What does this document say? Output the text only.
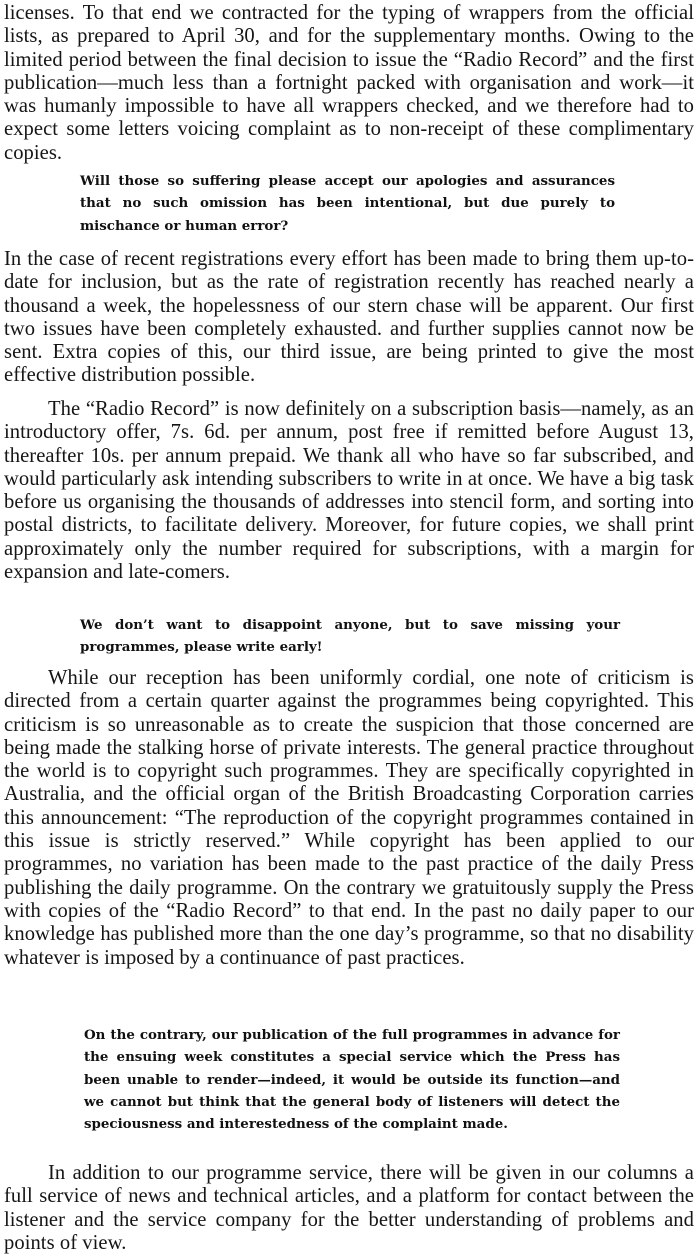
licenses. To that end we contracted for the typing of wrappers from the official lists, as prepared to April 30, and for the supplementary months. Owing to the limited period between the final decision to issue the “Radio Record” and the first publication—much less than a fortnight packed with organisation and work—it was humanly impossible to have all wrappers checked, and we therefore had to expect some letters voicing complaint as to non-receipt of these complimentary copies.

Will those so suffering please accept our apologies and assurances that no such omission has been intentional, but due purely to mischance or human error?

In the case of recent registrations every effort has been made to bring them up-to-date for inclusion, but as the rate of registration recently has reached nearly a thousand a week, the hopelessness of our stern chase will be apparent. Our first two issues have been completely exhausted. and further supplies cannot now be sent. Extra copies of this, our third issue, are being printed to give the most effective distribution possible.

The “Radio Record” is now definitely on a subscription basis—namely, as an introductory offer, 7s. 6d. per annum, post free if remitted before August 13, thereafter 10s. per annum prepaid. We thank all who have so far subscribed, and would particularly ask intending subscribers to write in at once. We have a big task before us organising the thousands of addresses into stencil form, and sorting into postal districts, to facilitate delivery. Moreover, for future copies, we shall print approximately only the number required for subscriptions, with a margin for expansion and late-comers.

We don’t want to disappoint anyone, but to save missing your programmes, please write early!

While our reception has been uniformly cordial, one note of criticism is directed from a certain quarter against the programmes being copyrighted. This criticism is so unreasonable as to create the suspicion that those concerned are being made the stalking horse of private interests. The general practice throughout the world is to copyright such programmes. They are specifically copyrighted in Australia, and the official organ of the British Broadcasting Corporation carries this announcement: “The reproduction of the copyright programmes contained in this issue is strictly reserved.” While copyright has been applied to our programmes, no variation has been made to the past practice of the daily Press publishing the daily programme. On the contrary we gratuitously supply the Press with copies of the “Radio Record” to that end. In the past no daily paper to our knowledge has published more than the one day’s programme, so that no disability whatever is imposed by a continuance of past practices.

On the contrary, our publication of the full programmes in advance for the ensuing week constitutes a special service which the Press has been unable to render—indeed, it would be outside its function—and we cannot but think that the general body of listeners will detect the speciousness and interestedness of the complaint made.

In addition to our programme service, there will be given in our columns a full service of news and technical articles, and a platform for contact between the listener and the service company for the better understanding of problems and points of view.
